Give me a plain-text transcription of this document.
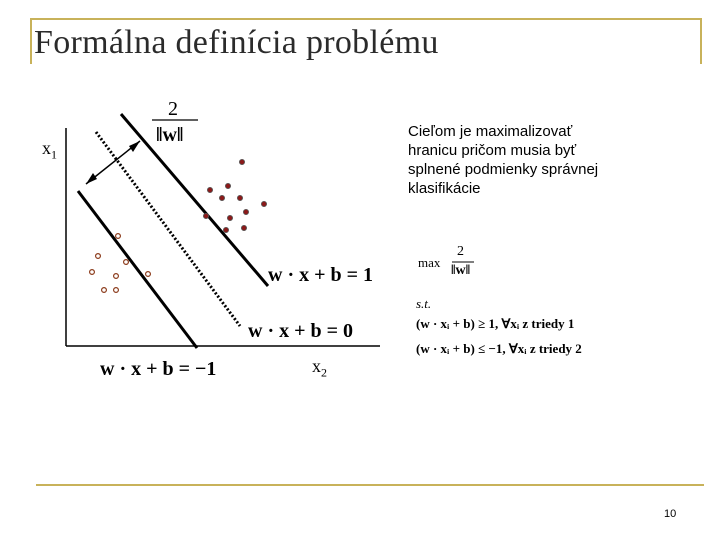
Formálna definícia problému
2
‖w‖
$x_1$
$x_2$
w · x + b = 1
w · x + b = 0
w · x + b = −1
Cieľom je maximalizovať
hranicu pričom musia byť
splnené podmienky správnej
klasifikácie
max
2
‖w‖
s.t.
(w · xᵢ + b) ≥ 1, ∀xᵢ z triedy 1
(w · xᵢ + b) ≤ −1, ∀xᵢ z triedy 2
10
